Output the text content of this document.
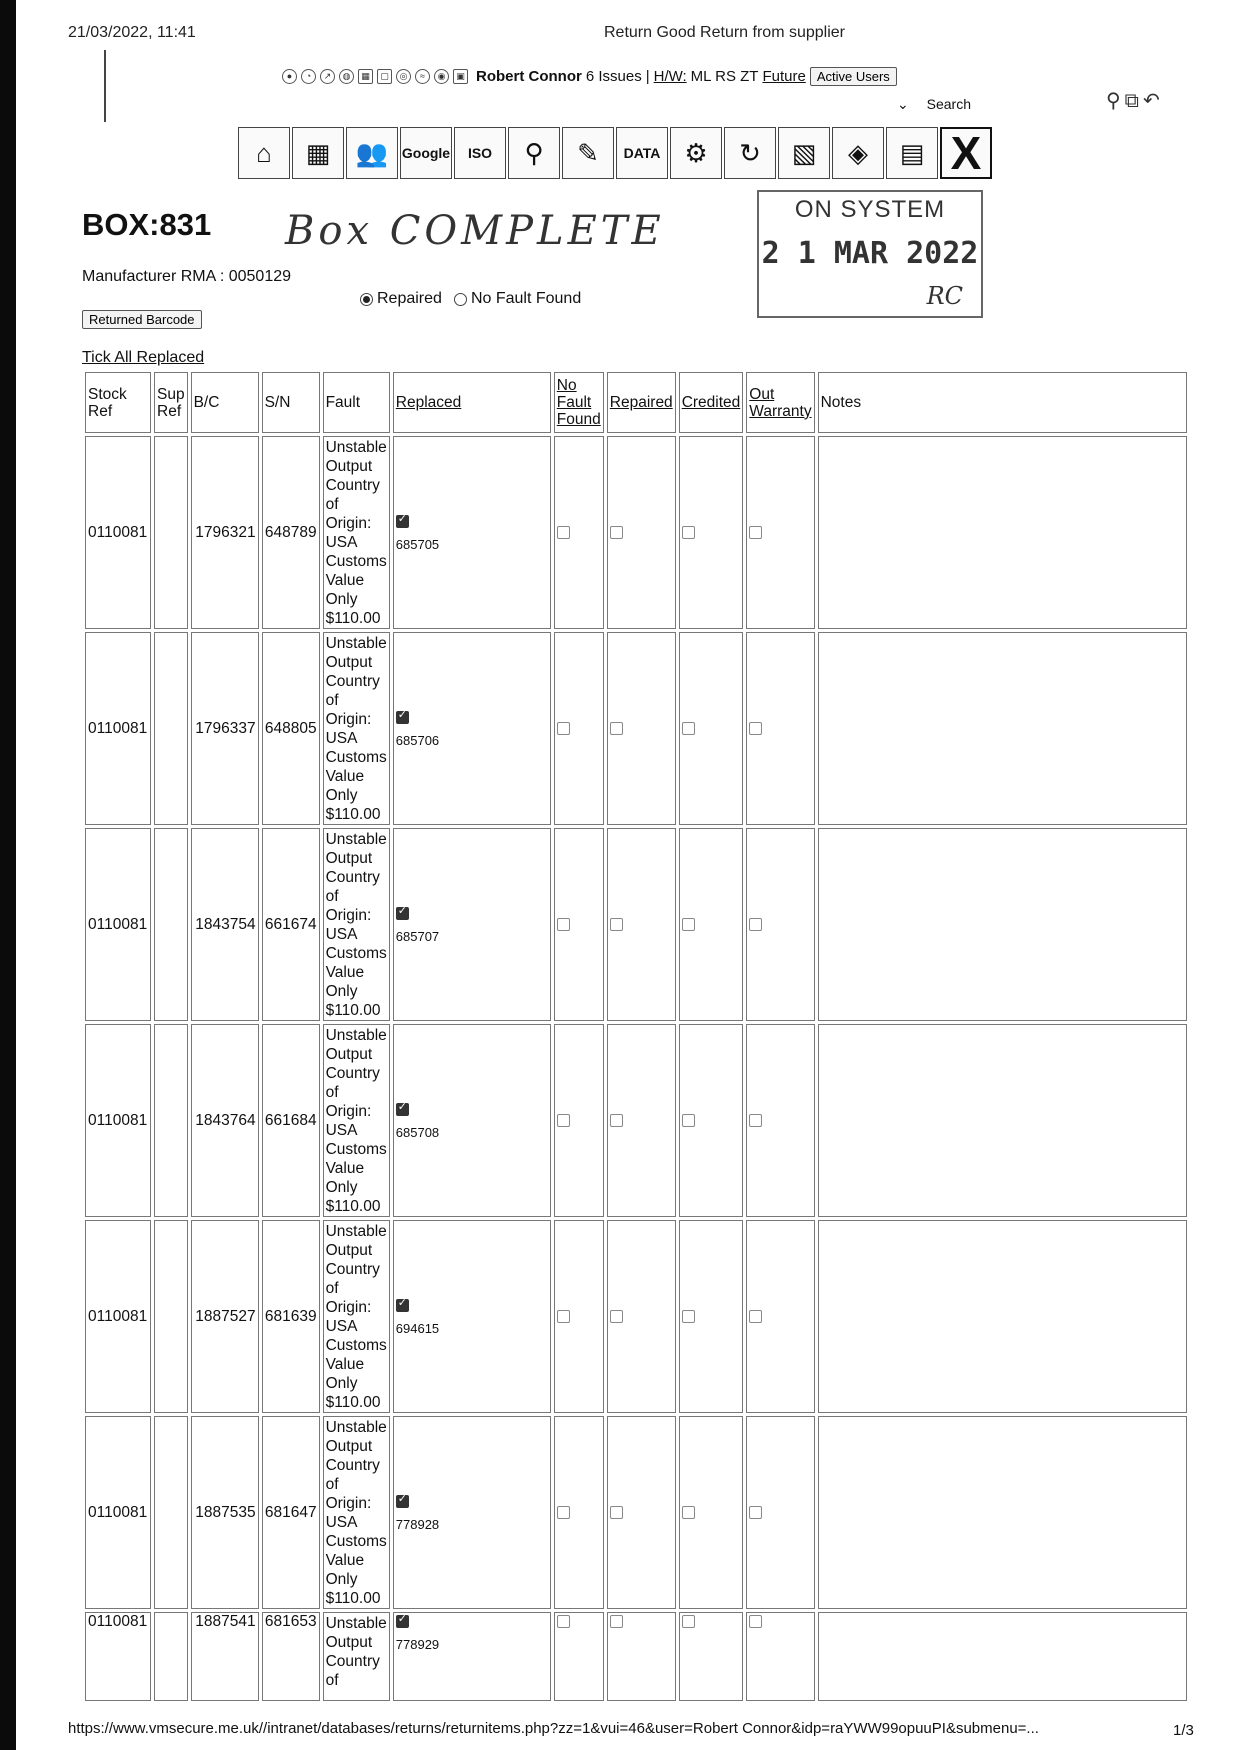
21/03/2022, 11:41	Return Good Return from supplier
●	◔	↗	◍	▦	▢	◎	≈	◉	▣ Robert Connor 6 Issues | H/W: ML RS ZT Future Active Users
⌄ Search	⚲⧉↶
⌂	▦ 👥 Google	ISO	⚲	✎	DATA ⚙	↻	▧	◈	▤ X
BOX:831 Box COMPLETE	ON SYSTEM
2 1 MAR 2022
RC
Manufacturer RMA : 0050129
Repaired No Fault Found
Returned Barcode
Tick All Replaced
Stock Ref	Sup Ref	B/C	S/N	Fault	Replaced	No Fault Found	Repaired	Credited	Out Warranty	Notes
0110081		1796321	648789	Unstable Output Country of Origin: USA Customs Value Only $110.00	✓
685705

0110081		1796337	648805	Unstable Output Country of Origin: USA Customs Value Only $110.00	✓
685706

0110081		1843754	661674	Unstable Output Country of Origin: USA Customs Value Only $110.00	✓
685707

0110081		1843764	661684	Unstable Output Country of Origin: USA Customs Value Only $110.00	✓
685708

0110081		1887527	681639	Unstable Output Country of Origin: USA Customs Value Only $110.00	✓
694615

0110081		1887535	681647	Unstable Output Country of Origin: USA Customs Value Only $110.00	✓
778928

0110081		1887541	681653	Unstable Output Country of	✓
778929

https://www.vmsecure.me.uk//intranet/databases/returns/returnitems.php?zz=1&vui=46&user=Robert Connor&idp=raYWW99opuuPI&submenu=...	1/3
